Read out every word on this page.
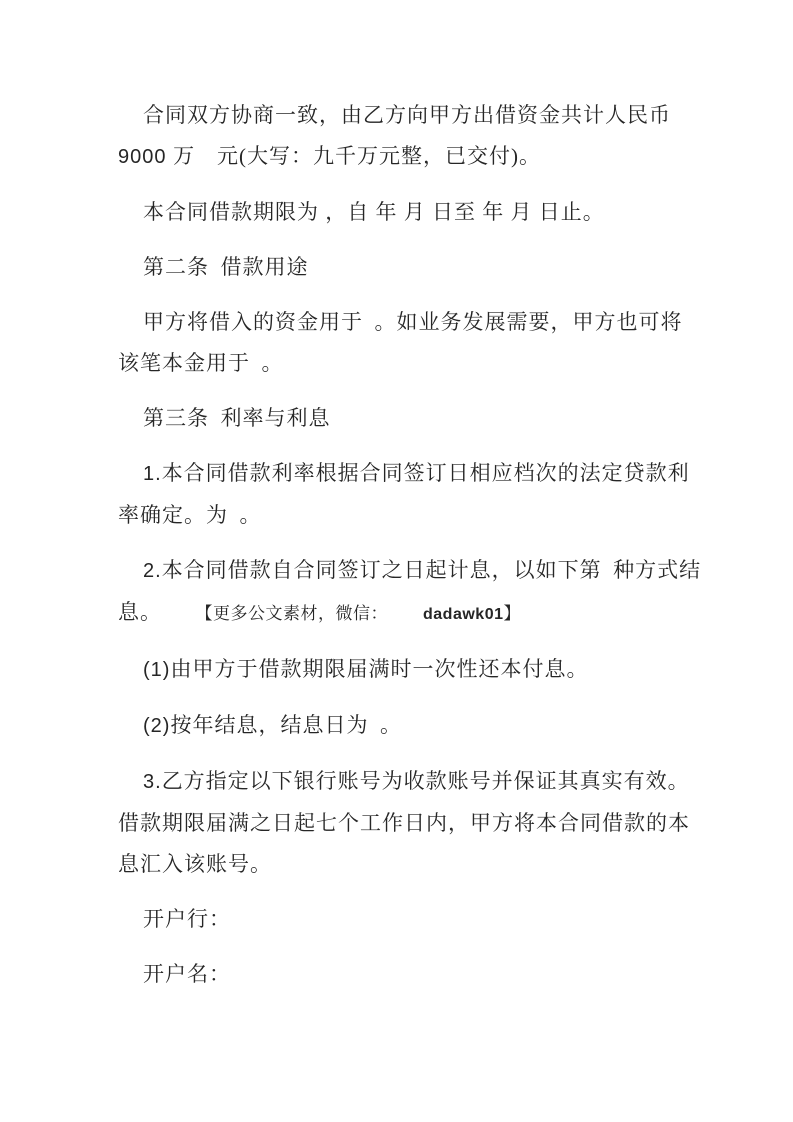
合同双方协商一致，由乙方向甲方出借资金共计人民币
9000 万 元(大写：九千万元整，已交付)。
本合同借款期限为 ，自 年 月 日至 年 月 日止。
第二条 借款用途
甲方将借入的资金用于 。如业务发展需要，甲方也可将
该笔本金用于 。
第三条 利率与利息
1.本合同借款利率根据合同签订日相应档次的法定贷款利
率确定。为 。
2.本合同借款自合同签订之日起计息，以如下第 种方式结
息。　 【更多公文素材，微信：  dadawk01】
(1)由甲方于借款期限届满时一次性还本付息。
(2)按年结息，结息日为 。
3.乙方指定以下银行账号为收款账号并保证其真实有效。
借款期限届满之日起七个工作日内，甲方将本合同借款的本
息汇入该账号。
开户行：
开户名：
